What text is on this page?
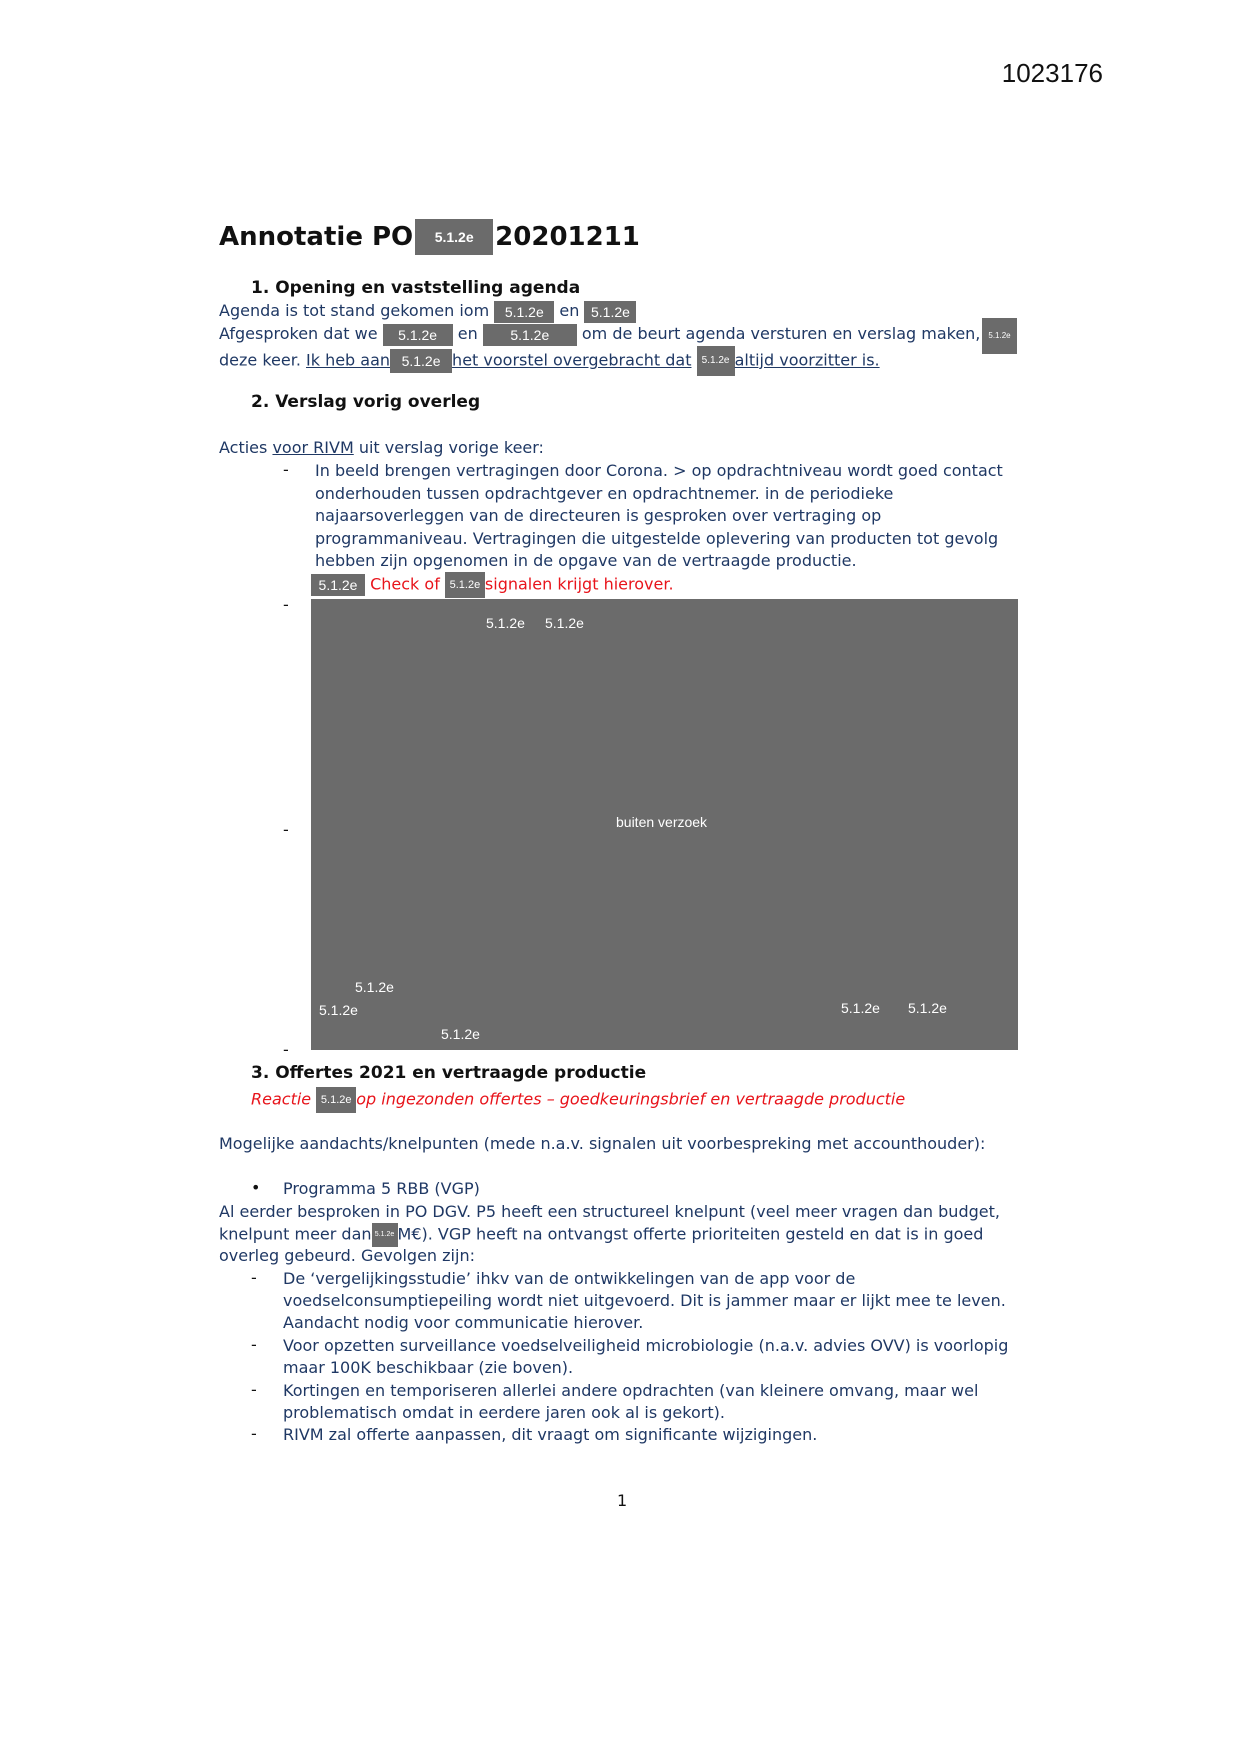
1023176
Annotatie PO 5.1.2e 20201211
1. Opening en vaststelling agenda
Agenda is tot stand gekomen iom 5.1.2e en 5.1.2e
Afgesproken dat we 5.1.2e en 5.1.2e om de beurt agenda versturen en verslag maken, 5.1.2e
deze keer. Ik heb aan 5.1.2e het voorstel overgebracht dat 5.1.2e altijd voorzitter is.
2. Verslag vorig overleg
Acties voor RIVM uit verslag vorige keer:
- In beeld brengen vertragingen door Corona. > op opdrachtniveau wordt goed contact
onderhouden tussen opdrachtgever en opdrachtnemer. in de periodieke
najaarsoverleggen van de directeuren is gesproken over vertraging op
programmaniveau. Vertragingen die uitgestelde oplevering van producten tot gevolg
hebben zijn opgenomen in de opgave van de vertraagde productie.
5.1.2e Check of 5.1.2e signalen krijgt hierover.
-
-
-
5.1.2e 5.1.2e
buiten verzoek
5.1.2e
5.1.2e
5.1.2e
5.1.2e 5.1.2e
3. Offertes 2021 en vertraagde productie
Reactie 5.1.2e op ingezonden offertes – goedkeuringsbrief en vertraagde productie
Mogelijke aandachts/knelpunten (mede n.a.v. signalen uit voorbespreking met accounthouder):
• Programma 5 RBB (VGP)
Al eerder besproken in PO DGV. P5 heeft een structureel knelpunt (veel meer vragen dan budget,
knelpunt meer dan 5.1.2e M€). VGP heeft na ontvangst offerte prioriteiten gesteld en dat is in goed
overleg gebeurd. Gevolgen zijn:
- De ‘vergelijkingsstudie’ ihkv van de ontwikkelingen van de app voor de
voedselconsumptiepeiling wordt niet uitgevoerd. Dit is jammer maar er lijkt mee te leven.
Aandacht nodig voor communicatie hierover.
- Voor opzetten surveillance voedselveiligheid microbiologie (n.a.v. advies OVV) is voorlopig
maar 100K beschikbaar (zie boven).
- Kortingen en temporiseren allerlei andere opdrachten (van kleinere omvang, maar wel
problematisch omdat in eerdere jaren ook al is gekort).
- RIVM zal offerte aanpassen, dit vraagt om significante wijzigingen.
1
